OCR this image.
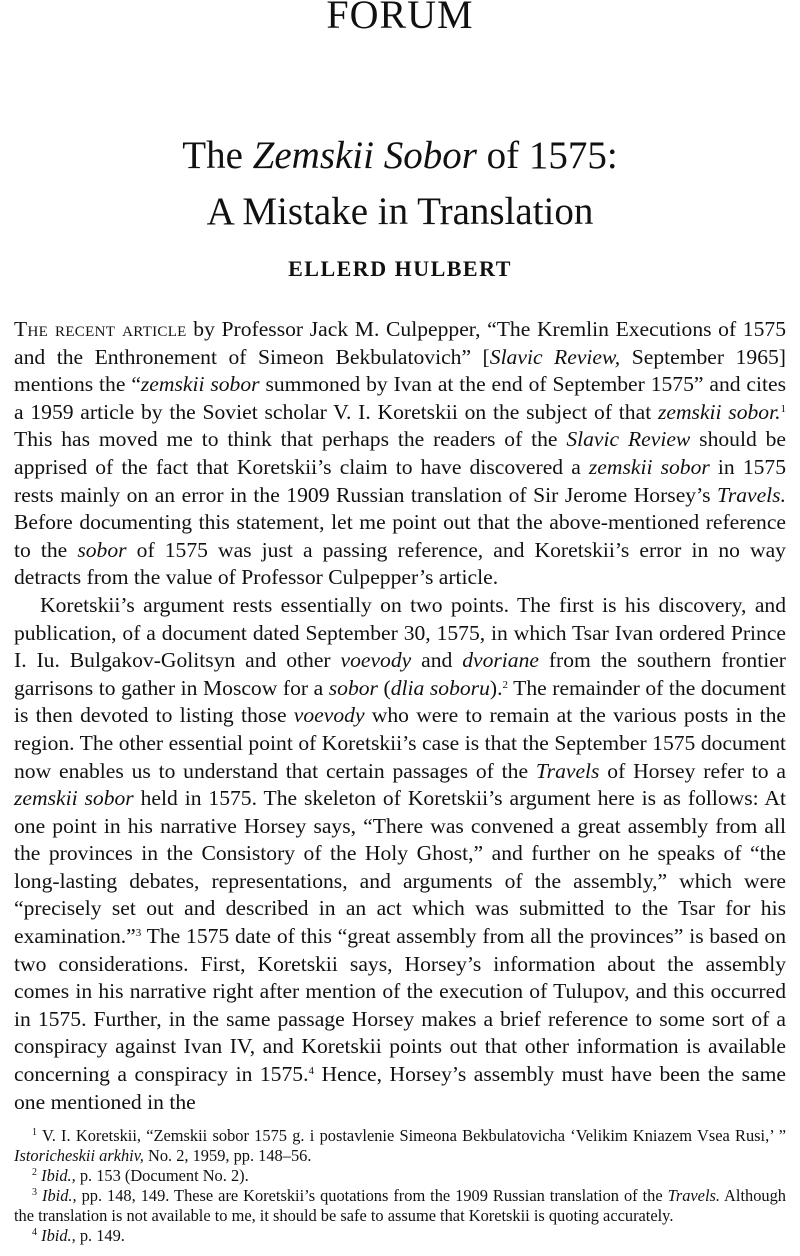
FORUM
The Zemskii Sobor of 1575:
A Mistake in Translation
ELLERD HULBERT

The recent article by Professor Jack M. Culpepper, “The Kremlin Executions of 1575 and the Enthronement of Simeon Bekbulatovich” [Slavic Review, September 1965] mentions the “zemskii sobor summoned by Ivan at the end of September 1575” and cites a 1959 article by the Soviet scholar V. I. Koretskii on the subject of that zemskii sobor.$^1$ This has moved me to think that perhaps the readers of the Slavic Review should be apprised of the fact that Koretskii’s claim to have discovered a zemskii sobor in 1575 rests mainly on an error in the 1909 Russian translation of Sir Jerome Horsey’s Travels. Before documenting this statement, let me point out that the above-mentioned reference to the sobor of 1575 was just a passing reference, and Koretskii’s error in no way detracts from the value of Professor Culpepper’s article.

Koretskii’s argument rests essentially on two points. The first is his discovery, and publication, of a document dated September 30, 1575, in which Tsar Ivan ordered Prince I. Iu. Bulgakov-Golitsyn and other voevody and dvoriane from the southern frontier garrisons to gather in Moscow for a sobor (dlia soboru).$^2$ The remainder of the document is then devoted to listing those voevody who were to remain at the various posts in the region. The other essential point of Koretskii’s case is that the September 1575 document now enables us to understand that certain passages of the Travels of Horsey refer to a zemskii sobor held in 1575. The skeleton of Koretskii’s argument here is as follows: At one point in his narrative Horsey says, “There was convened a great assembly from all the provinces in the Consistory of the Holy Ghost,” and further on he speaks of “the long-lasting debates, representations, and arguments of the assembly,” which were “precisely set out and described in an act which was submitted to the Tsar for his examination.”$^3$ The 1575 date of this “great assembly from all the provinces” is based on two considerations. First, Koretskii says, Horsey’s information about the assembly comes in his narrative right after mention of the execution of Tulupov, and this occurred in 1575. Further, in the same passage Horsey makes a brief reference to some sort of a conspiracy against Ivan IV, and Koretskii points out that other information is available concerning a conspiracy in 1575.$^4$ Hence, Horsey’s assembly must have been the same one mentioned in the

$^1$ V. I. Koretskii, “Zemskii sobor 1575 g. i postavlenie Simeona Bekbulatovicha ‘Velikim Kniazem Vsea Rusi,’ ” Istoricheskii arkhiv, No. 2, 1959, pp. 148–56.

$^2$ Ibid., p. 153 (Document No. 2).

$^3$ Ibid., pp. 148, 149. These are Koretskii’s quotations from the 1909 Russian translation of the Travels. Although the translation is not available to me, it should be safe to assume that Koretskii is quoting accurately.

$^4$ Ibid., p. 149.
